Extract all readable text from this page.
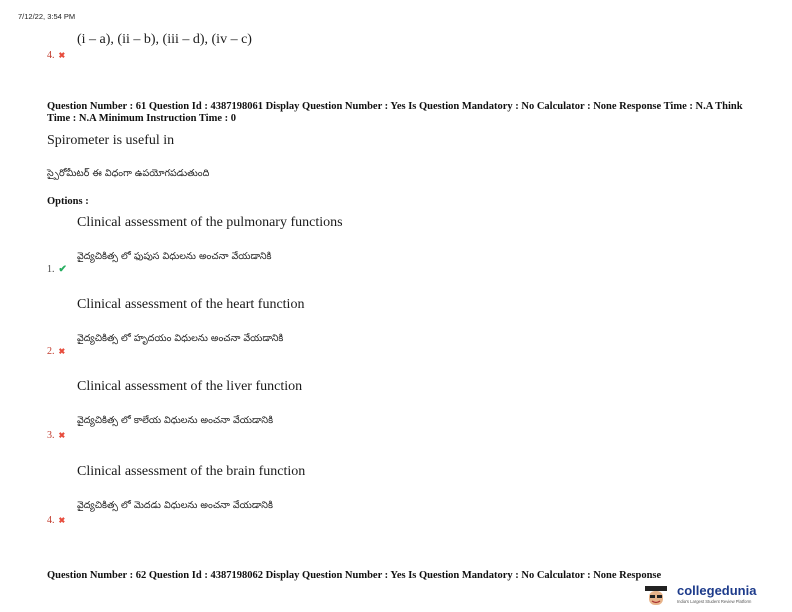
7/12/22, 3:54 PM
(i – a), (ii – b), (iii – d), (iv – c)
4. ✖
Question Number : 61 Question Id : 4387198061 Display Question Number : Yes Is Question Mandatory : No Calculator : None Response Time : N.A Think Time : N.A Minimum Instruction Time : 0
Spirometer is useful in
స్పైరోమీటర్ ఈ విధంగా ఉపయోగపడుతుంది
Options :
Clinical assessment of the pulmonary functions
వైద్యచికిత్స లో ఫుపుస విధులను అంచనా వేయడానికి
1. ✔
Clinical assessment of the heart function
వైద్యచికిత్స లో హృదయం విధులను అంచనా వేయడానికి
2. ✖
Clinical assessment of the liver function
వైద్యచికిత్స లో కాలేయ విధులను అంచనా వేయడానికి
3. ✖
Clinical assessment of the brain function
వైద్యచికిత్స లో మెదడు విధులను అంచనా వేయడానికి
4. ✖
Question Number : 62 Question Id : 4387198062 Display Question Number : Yes Is Question Mandatory : No Calculator : None Response
collegedunia
India's Largest Student Review Platform
